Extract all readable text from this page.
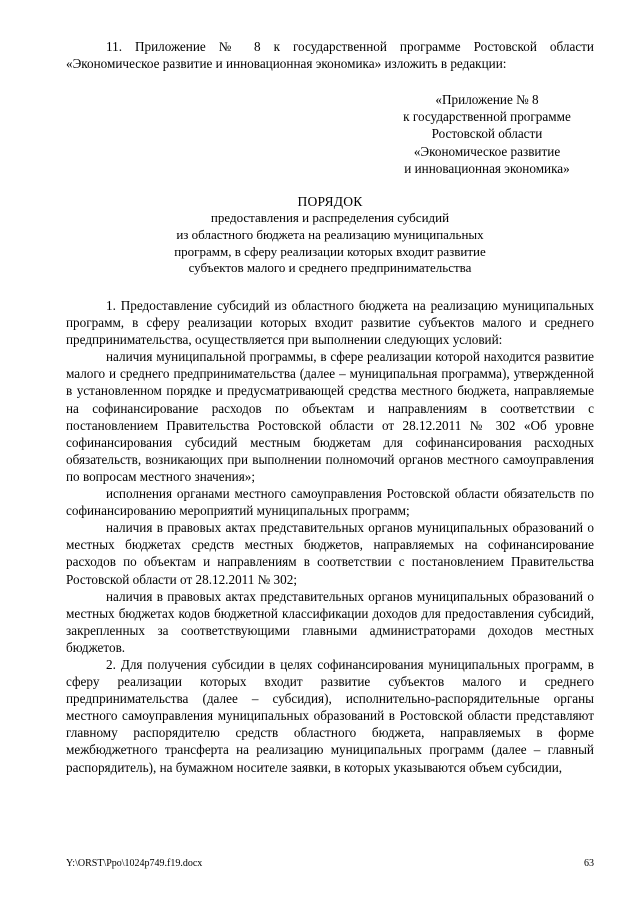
11. Приложение № 8 к государственной программе Ростовской области «Экономическое развитие и инновационная экономика» изложить в редакции:
«Приложение № 8
к государственной программе
Ростовской области
«Экономическое развитие
и инновационная экономика»
ПОРЯДОК
предоставления и распределения субсидий
из областного бюджета на реализацию муниципальных
программ, в сферу реализации которых входит развитие
субъектов малого и среднего предпринимательства

1. Предоставление субсидий из областного бюджета на реализацию муниципальных программ, в сферу реализации которых входит развитие субъектов малого и среднего предпринимательства, осуществляется при выполнении следующих условий:

наличия муниципальной программы, в сфере реализации которой находится развитие малого и среднего предпринимательства (далее – муниципальная программа), утвержденной в установленном порядке и предусматривающей средства местного бюджета, направляемые на софинансирование расходов по объектам и направлениям в соответствии с постановлением Правительства Ростовской области от 28.12.2011 № 302 «Об уровне софинансирования субсидий местным бюджетам для софинансирования расходных обязательств, возникающих при выполнении полномочий органов местного самоуправления по вопросам местного значения»;

исполнения органами местного самоуправления Ростовской области обязательств по софинансированию мероприятий муниципальных программ;

наличия в правовых актах представительных органов муниципальных образований о местных бюджетах средств местных бюджетов, направляемых на софинансирование расходов по объектам и направлениям в соответствии с постановлением Правительства Ростовской области от 28.12.2011 № 302;

наличия в правовых актах представительных органов муниципальных образований о местных бюджетах кодов бюджетной классификации доходов для предоставления субсидий, закрепленных за соответствующими главными администраторами доходов местных бюджетов.

2. Для получения субсидии в целях софинансирования муниципальных программ, в сферу реализации которых входит развитие субъектов малого и среднего предпринимательства (далее – субсидия), исполнительно-распорядительные органы местного самоуправления муниципальных образований в Ростовской области представляют главному распорядителю средств областного бюджета, направляемых в форме межбюджетного трансферта на реализацию муниципальных программ (далее – главный распорядитель), на бумажном носителе заявки, в которых указываются объем субсидии,

Y:\ORST\Ppo\1024p749.f19.docx	63
